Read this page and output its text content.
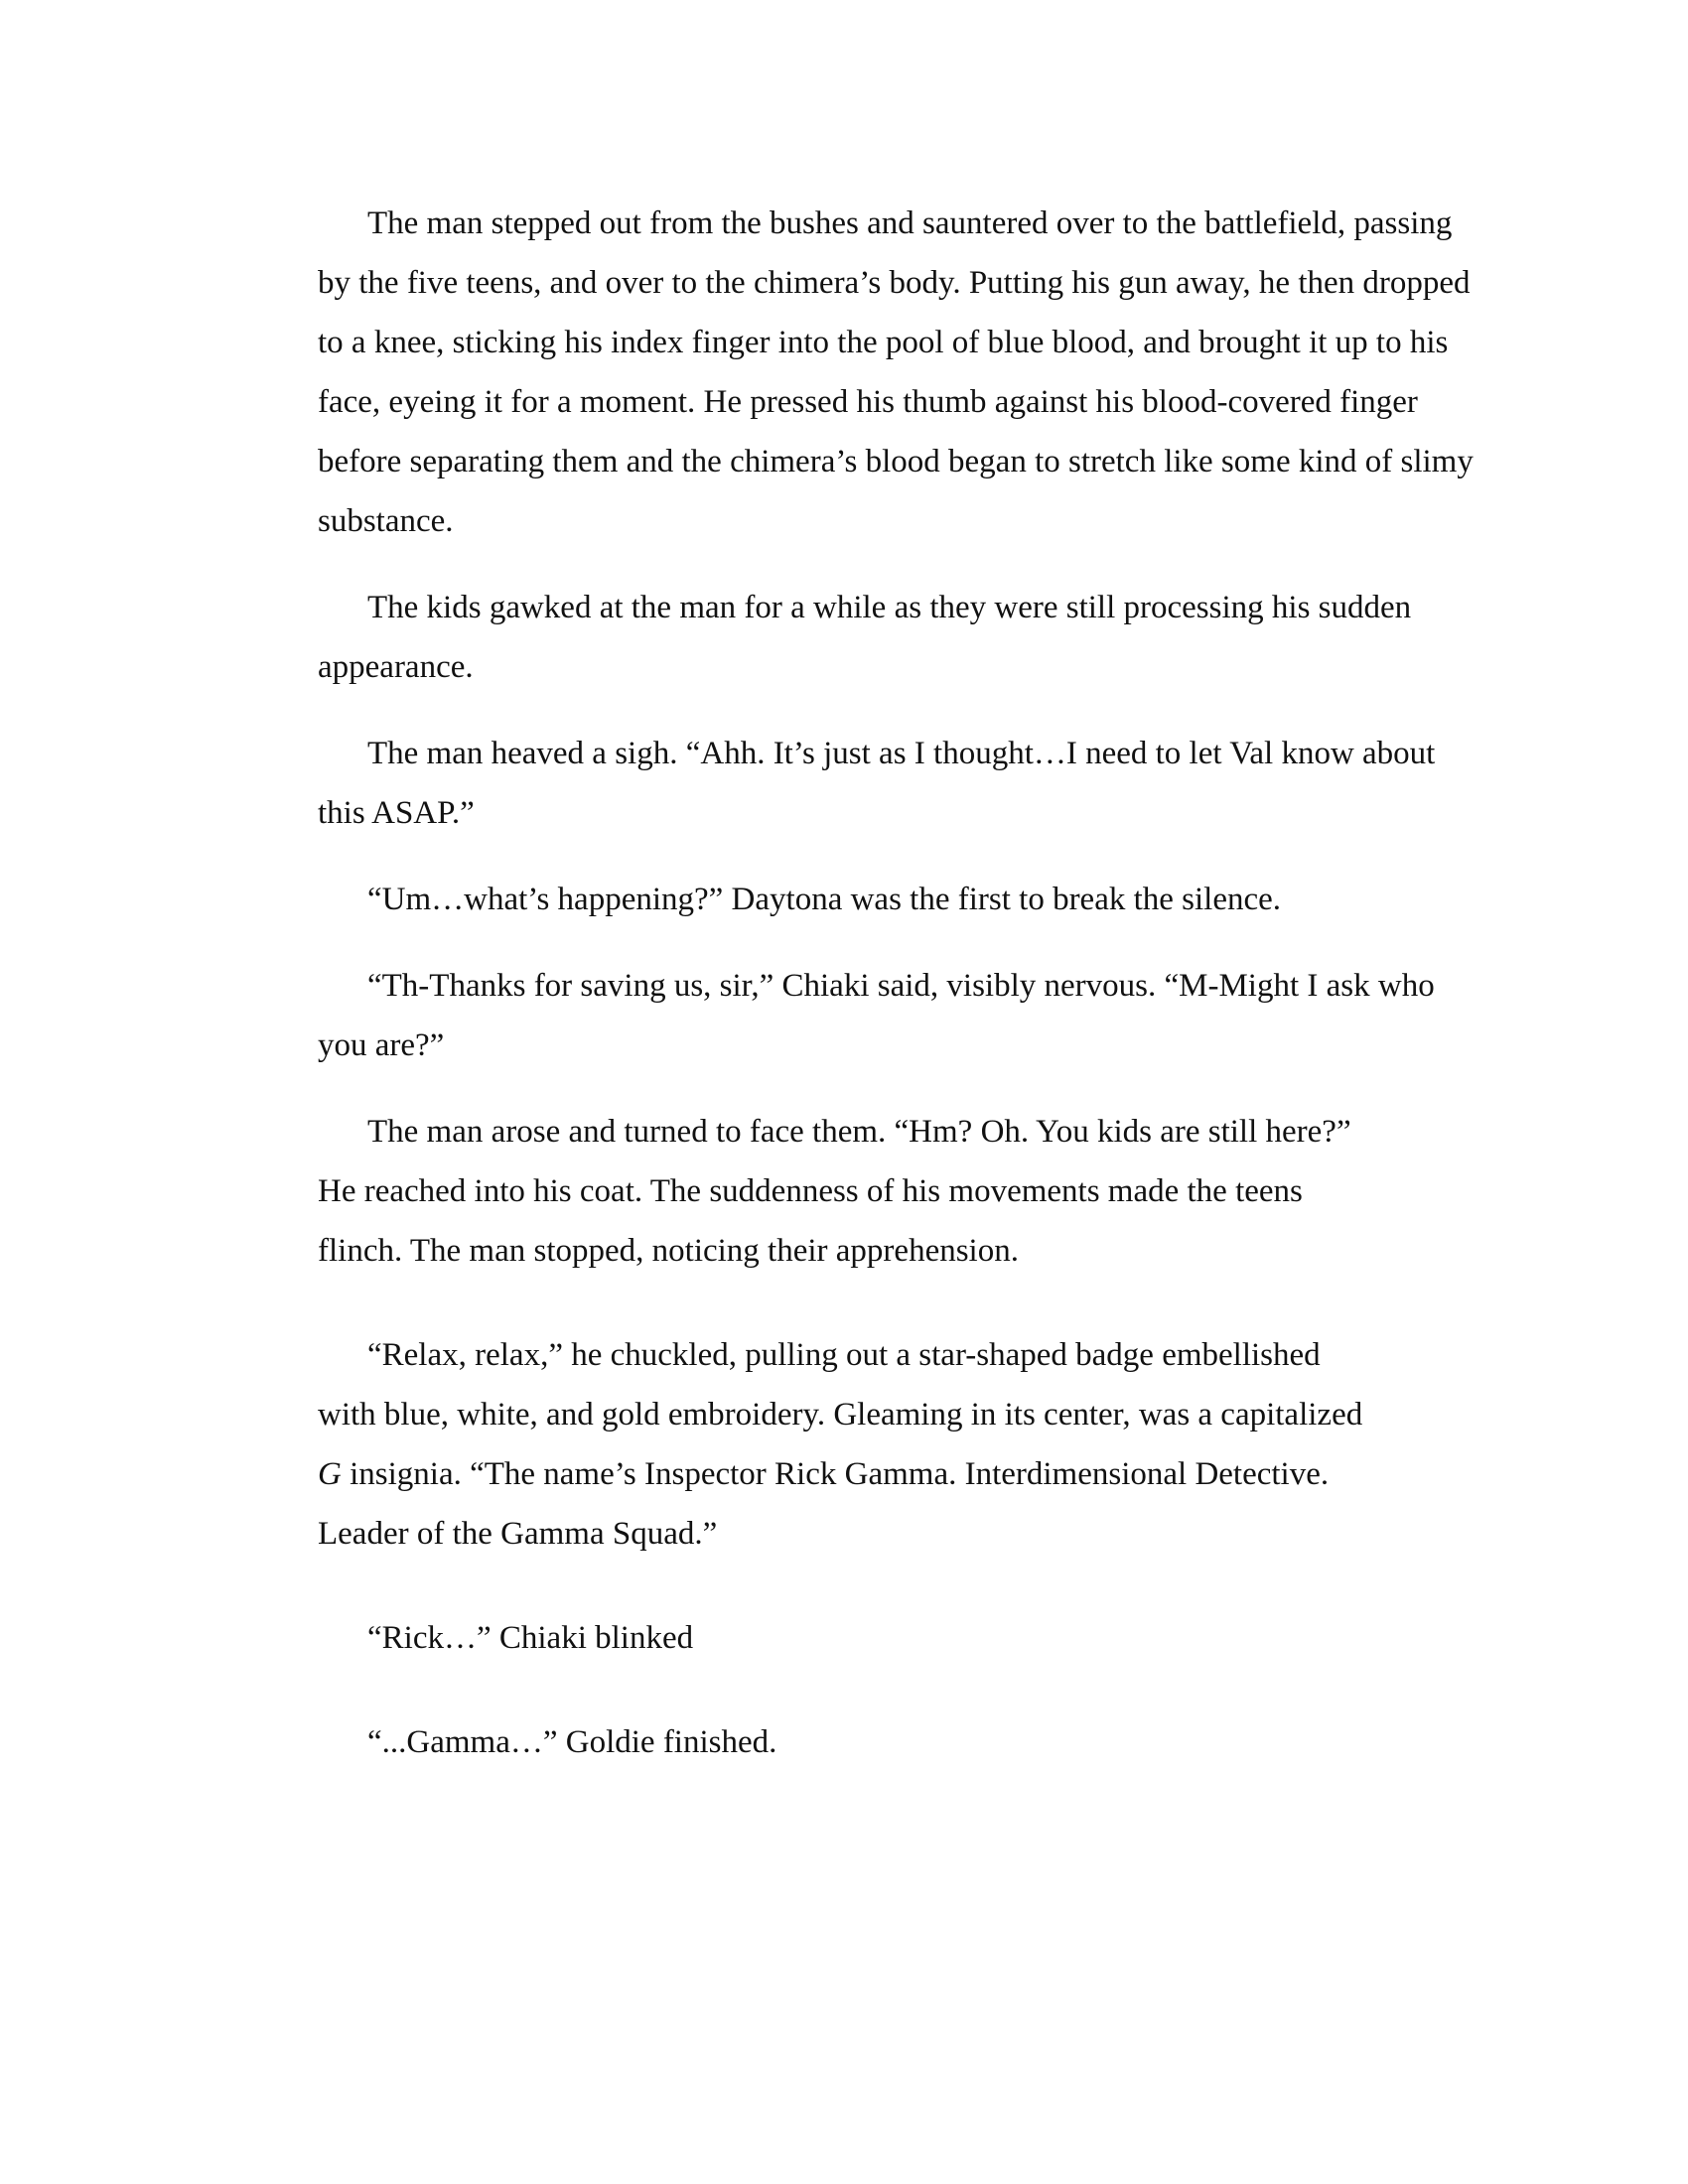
The man stepped out from the bushes and sauntered over to the battlefield, passing by the five teens, and over to the chimera’s body. Putting his gun away, he then dropped to a knee, sticking his index finger into the pool of blue blood, and brought it up to his face, eyeing it for a moment. He pressed his thumb against his blood-covered finger before separating them and the chimera’s blood began to stretch like some kind of slimy substance.

The kids gawked at the man for a while as they were still processing his sudden appearance.

The man heaved a sigh. “Ahh. It’s just as I thought…I need to let Val know about this ASAP.”

“Um…what’s happening?” Daytona was the first to break the silence.

“Th-Thanks for saving us, sir,” Chiaki said, visibly nervous. “M-Might I ask who you are?”

The man arose and turned to face them. “Hm? Oh. You kids are still here?” He reached into his coat. The suddenness of his movements made the teens flinch. The man stopped, noticing their apprehension.

“Relax, relax,” he chuckled, pulling out a star-shaped badge embellished with blue, white, and gold embroidery. Gleaming in its center, was a capitalized G insignia. “The name’s Inspector Rick Gamma. Interdimensional Detective. Leader of the Gamma Squad.”

“Rick…” Chiaki blinked

“...Gamma…” Goldie finished.
